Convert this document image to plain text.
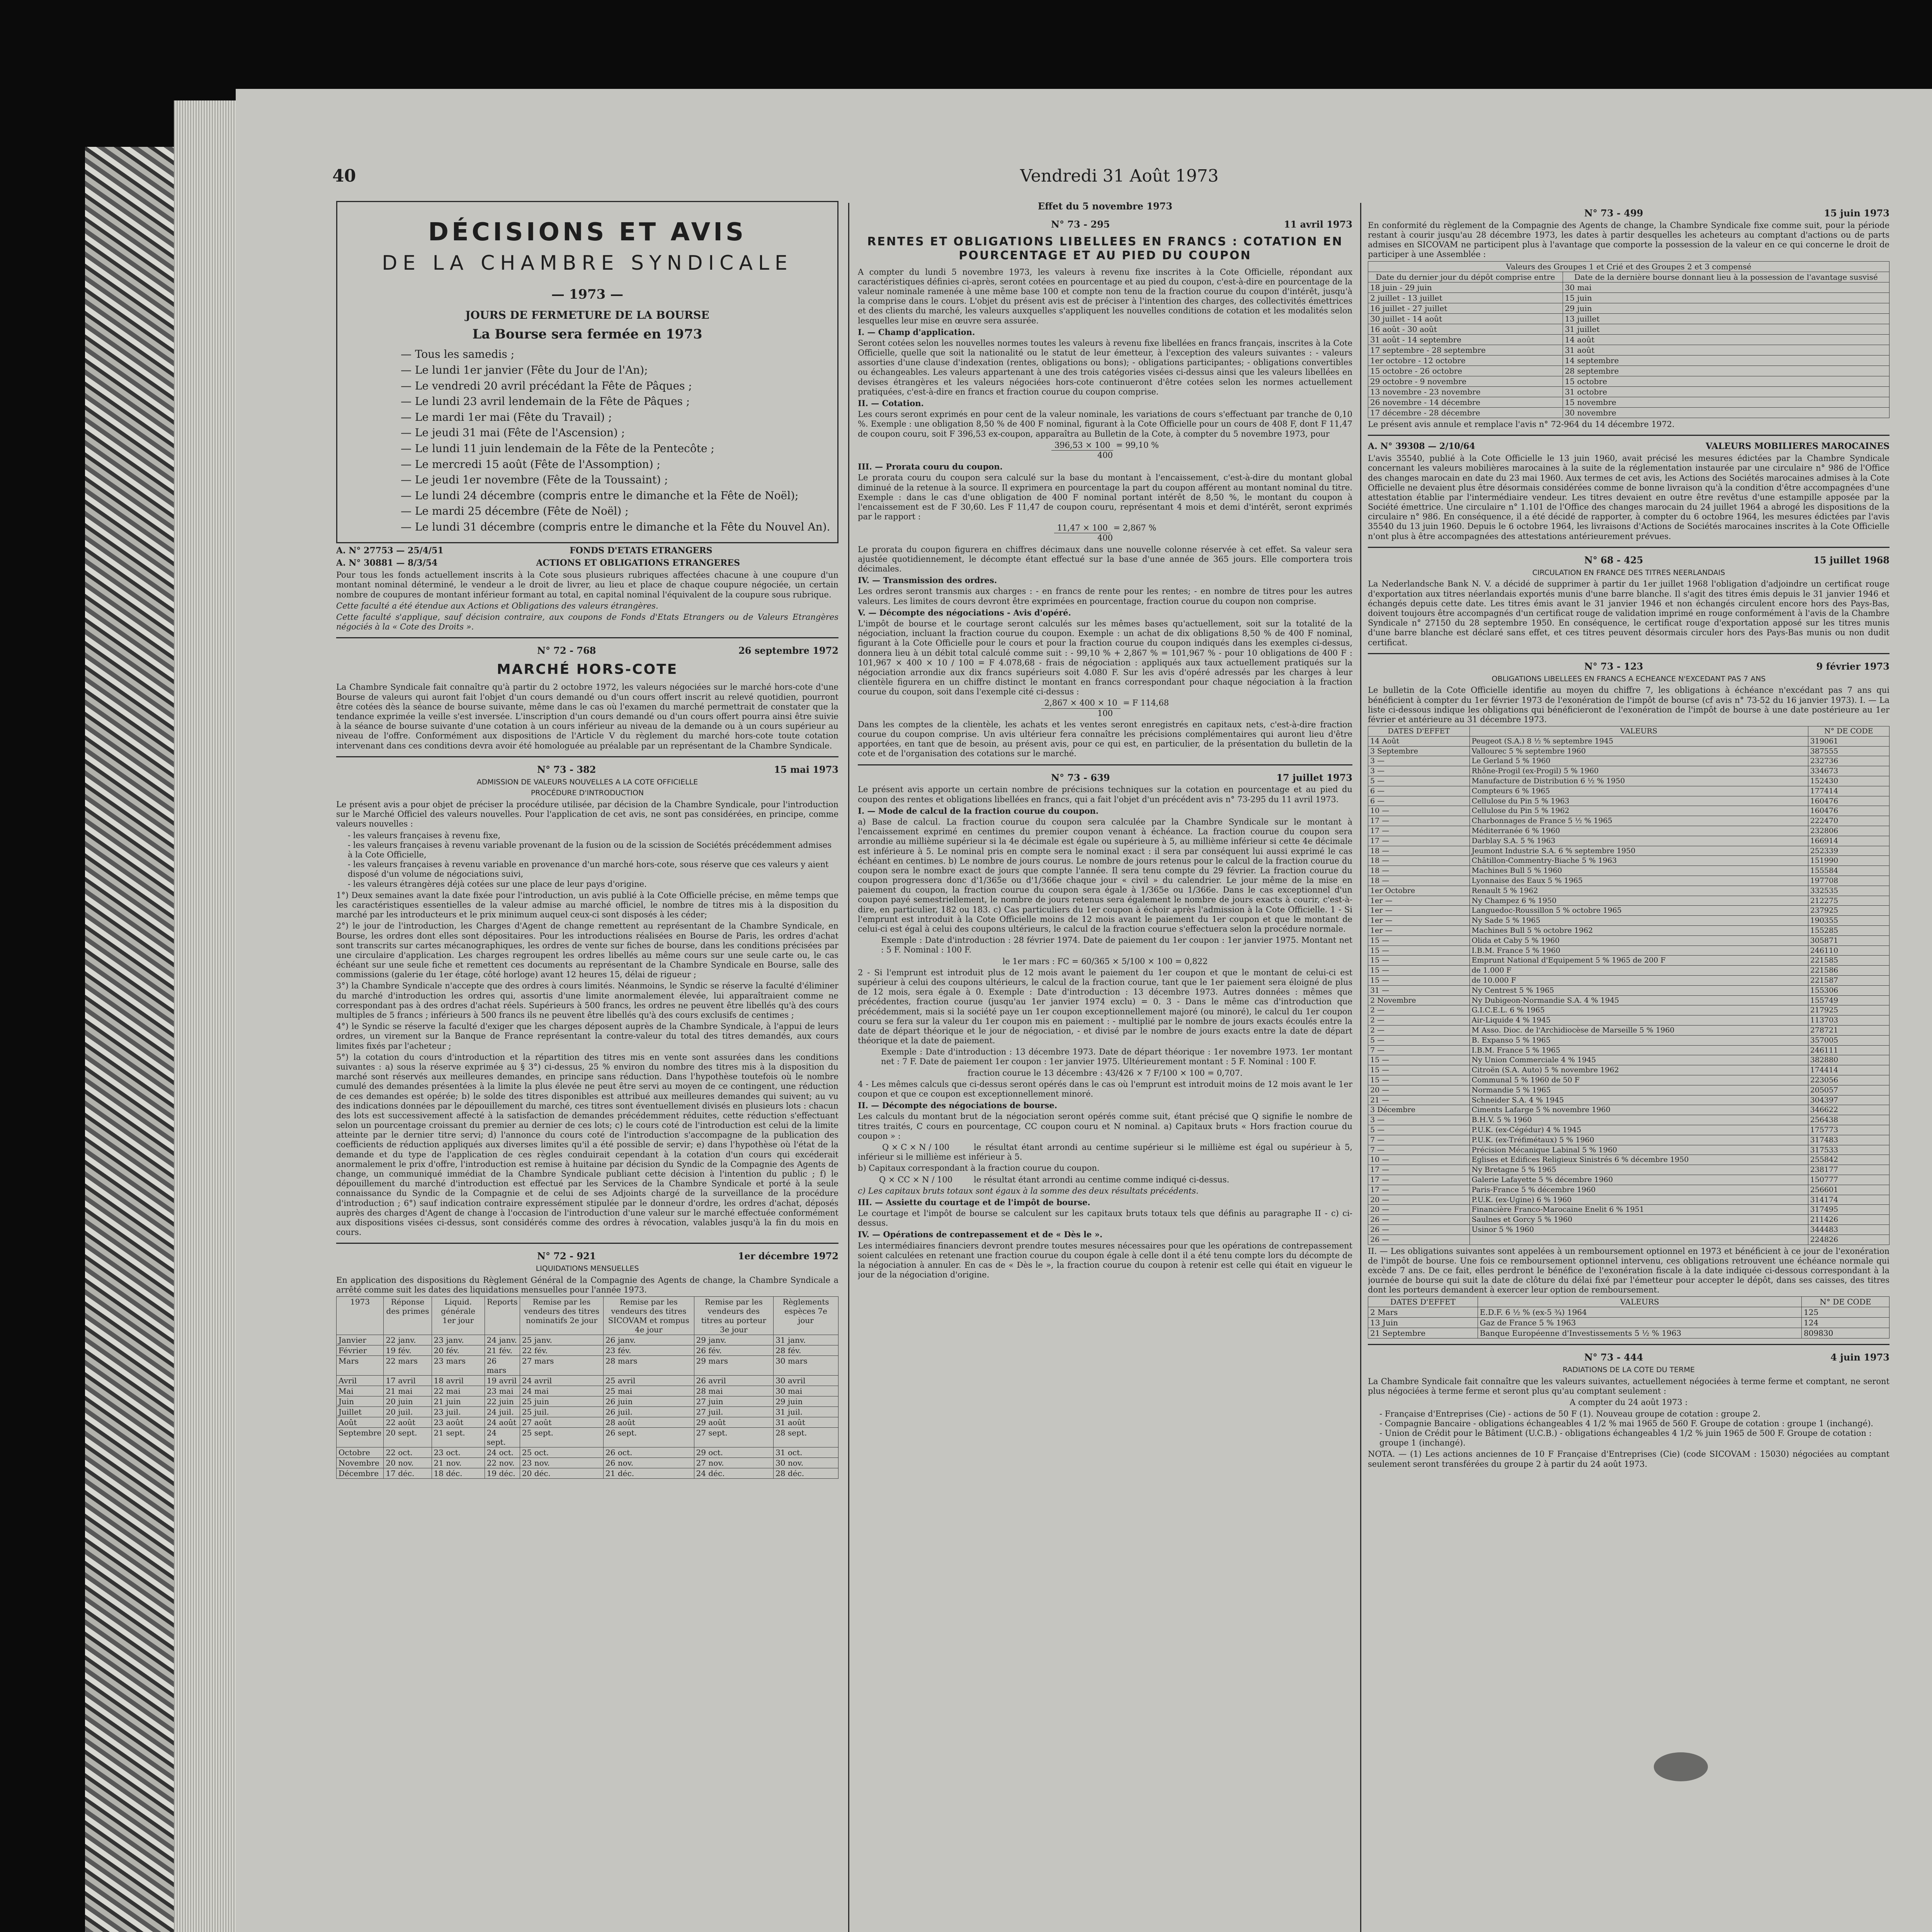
40	Vendredi 31 Août 1973
DÉCISIONS ET AVIS
DE LA CHAMBRE SYNDICALE
— 1973 —
JOURS DE FERMETURE DE LA BOURSE
La Bourse sera fermée en 1973
— Tous les samedis ;
— Le lundi 1er janvier (Fête du Jour de l'An);
— Le vendredi 20 avril précédant la Fête de Pâques ;
— Le lundi 23 avril lendemain de la Fête de Pâques ;
— Le mardi 1er mai (Fête du Travail) ;
— Le jeudi 31 mai (Fête de l'Ascension) ;
— Le lundi 11 juin lendemain de la Fête de la Pentecôte ;
— Le mercredi 15 août (Fête de l'Assomption) ;
— Le jeudi 1er novembre (Fête de la Toussaint) ;
— Le lundi 24 décembre (compris entre le dimanche et la Fête de Noël);
— Le mardi 25 décembre (Fête de Noël) ;
— Le lundi 31 décembre (compris entre le dimanche et la Fête du Nouvel An).
A. N° 27753 — 25/4/51	FONDS D'ETATS ETRANGERS
A. N° 30881 — 8/3/54	ACTIONS ET OBLIGATIONS ETRANGERES

Pour tous les fonds actuellement inscrits à la Cote sous plusieurs rubriques affectées chacune à une coupure d'un montant nominal déterminé, le vendeur a le droit de livrer, au lieu et place de chaque coupure négociée, un certain nombre de coupures de montant inférieur formant au total, en capital nominal l'équivalent de la coupure sous rubrique.

Cette faculté a été étendue aux Actions et Obligations des valeurs étrangères.

Cette faculté s'applique, sauf décision contraire, aux coupons de Fonds d'Etats Etrangers ou de Valeurs Etrangères négociés à la « Cote des Droits ».

N° 72 - 768	26 septembre 1972
MARCHÉ HORS-COTE

La Chambre Syndicale fait connaître qu'à partir du 2 octobre 1972, les valeurs négociées sur le marché hors-cote d'une Bourse de valeurs qui auront fait l'objet d'un cours demandé ou d'un cours offert inscrit au relevé quotidien, pourront être cotées dès la séance de bourse suivante, même dans le cas où l'examen du marché permettrait de constater que la tendance exprimée la veille s'est inversée. L'inscription d'un cours demandé ou d'un cours offert pourra ainsi être suivie à la séance de bourse suivante d'une cotation à un cours inférieur au niveau de la demande ou à un cours supérieur au niveau de l'offre. Conformément aux dispositions de l'Article V du règlement du marché hors-cote toute cotation intervenant dans ces conditions devra avoir été homologuée au préalable par un représentant de la Chambre Syndicale.

N° 73 - 382	15 mai 1973
ADMISSION DE VALEURS NOUVELLES A LA COTE OFFICIELLE
PROCÉDURE D'INTRODUCTION

Le présent avis a pour objet de préciser la procédure utilisée, par décision de la Chambre Syndicale, pour l'introduction sur le Marché Officiel des valeurs nouvelles. Pour l'application de cet avis, ne sont pas considérées, en principe, comme valeurs nouvelles :

- les valeurs françaises à revenu fixe,
- les valeurs françaises à revenu variable provenant de la fusion ou de la scission de Sociétés précédemment admises à la Cote Officielle,
- les valeurs françaises à revenu variable en provenance d'un marché hors-cote, sous réserve que ces valeurs y aient disposé d'un volume de négociations suivi,
- les valeurs étrangères déjà cotées sur une place de leur pays d'origine.

1°) Deux semaines avant la date fixée pour l'introduction, un avis publié à la Cote Officielle précise, en même temps que les caractéristiques essentielles de la valeur admise au marché officiel, le nombre de titres mis à la disposition du marché par les introducteurs et le prix minimum auquel ceux-ci sont disposés à les céder;

2°) le jour de l'introduction, les Charges d'Agent de change remettent au représentant de la Chambre Syndicale, en Bourse, les ordres dont elles sont dépositaires. Pour les introductions réalisées en Bourse de Paris, les ordres d'achat sont transcrits sur cartes mécanographiques, les ordres de vente sur fiches de bourse, dans les conditions précisées par une circulaire d'application. Les charges regroupent les ordres libellés au même cours sur une seule carte ou, le cas échéant sur une seule fiche et remettent ces documents au représentant de la Chambre Syndicale en Bourse, salle des commissions (galerie du 1er étage, côté horloge) avant 12 heures 15, délai de rigueur ;

3°) la Chambre Syndicale n'accepte que des ordres à cours limités. Néanmoins, le Syndic se réserve la faculté d'éliminer du marché d'introduction les ordres qui, assortis d'une limite anormalement élevée, lui apparaîtraient comme ne correspondant pas à des ordres d'achat réels. Supérieurs à 500 francs, les ordres ne peuvent être libellés qu'à des cours multiples de 5 francs ; inférieurs à 500 francs ils ne peuvent être libellés qu'à des cours exclusifs de centimes ;

4°) le Syndic se réserve la faculté d'exiger que les charges déposent auprès de la Chambre Syndicale, à l'appui de leurs ordres, un virement sur la Banque de France représentant la contre-valeur du total des titres demandés, aux cours limites fixés par l'acheteur ;

5°) la cotation du cours d'introduction et la répartition des titres mis en vente sont assurées dans les conditions suivantes : a) sous la réserve exprimée au § 3°) ci-dessus, 25 % environ du nombre des titres mis à la disposition du marché sont réservés aux meilleures demandes, en principe sans réduction. Dans l'hypothèse toutefois où le nombre cumulé des demandes présentées à la limite la plus élevée ne peut être servi au moyen de ce contingent, une réduction de ces demandes est opérée; b) le solde des titres disponibles est attribué aux meilleures demandes qui suivent; au vu des indications données par le dépouillement du marché, ces titres sont éventuellement divisés en plusieurs lots : chacun des lots est successivement affecté à la satisfaction de demandes précédemment réduites, cette réduction s'effectuant selon un pourcentage croissant du premier au dernier de ces lots; c) le cours coté de l'introduction est celui de la limite atteinte par le dernier titre servi; d) l'annonce du cours coté de l'introduction s'accompagne de la publication des coefficients de réduction appliqués aux diverses limites qu'il a été possible de servir; e) dans l'hypothèse où l'état de la demande et du type de l'application de ces règles conduirait cependant à la cotation d'un cours qui excéderait anormalement le prix d'offre, l'introduction est remise à huitaine par décision du Syndic de la Compagnie des Agents de change, un communiqué immédiat de la Chambre Syndicale publiant cette décision à l'intention du public ; f) le dépouillement du marché d'introduction est effectué par les Services de la Chambre Syndicale et porté à la seule connaissance du Syndic de la Compagnie et de celui de ses Adjoints chargé de la surveillance de la procédure d'introduction ; 6°) sauf indication contraire expressément stipulée par le donneur d'ordre, les ordres d'achat, déposés auprès des charges d'Agent de change à l'occasion de l'introduction d'une valeur sur le marché effectuée conformément aux dispositions visées ci-dessus, sont considérés comme des ordres à révocation, valables jusqu'à la fin du mois en cours.

N° 72 - 921	1er décembre 1972
LIQUIDATIONS MENSUELLES

En application des dispositions du Règlement Général de la Compagnie des Agents de change, la Chambre Syndicale a arrêté comme suit les dates des liquidations mensuelles pour l'année 1973.

1973	Réponse des primes	Liquid. générale 1er jour	Reports	Remise par les vendeurs des titres nominatifs 2e jour	Remise par les vendeurs des titres SICOVAM et rompus 4e jour	Remise par les vendeurs des titres au porteur 3e jour	Règlements espèces 7e jour
Janvier	22 janv.	23 janv.	24 janv.	25 janv.	26 janv.	29 janv.	31 janv.
Février	19 fév.	20 fév.	21 fév.	22 fév.	23 fév.	26 fév.	28 fév.
Mars	22 mars	23 mars	26 mars	27 mars	28 mars	29 mars	30 mars
Avril	17 avril	18 avril	19 avril	24 avril	25 avril	26 avril	30 avril
Mai	21 mai	22 mai	23 mai	24 mai	25 mai	28 mai	30 mai
Juin	20 juin	21 juin	22 juin	25 juin	26 juin	27 juin	29 juin
Juillet	20 juil.	23 juil.	24 juil.	25 juil.	26 juil.	27 juil.	31 juil.
Août	22 août	23 août	24 août	27 août	28 août	29 août	31 août
Septembre	20 sept.	21 sept.	24 sept.	25 sept.	26 sept.	27 sept.	28 sept.
Octobre	22 oct.	23 oct.	24 oct.	25 oct.	26 oct.	29 oct.	31 oct.
Novembre	20 nov.	21 nov.	22 nov.	23 nov.	26 nov.	27 nov.	30 nov.
Décembre	17 déc.	18 déc.	19 déc.	20 déc.	21 déc.	24 déc.	28 déc.
Effet du 5 novembre 1973
N° 73 - 295	11 avril 1973
RENTES ET OBLIGATIONS LIBELLEES EN FRANCS : COTATION EN POURCENTAGE ET AU PIED DU COUPON

A compter du lundi 5 novembre 1973, les valeurs à revenu fixe inscrites à la Cote Officielle, répondant aux caractéristiques définies ci-après, seront cotées en pourcentage et au pied du coupon, c'est-à-dire en pourcentage de la valeur nominale ramenée à une même base 100 et compte non tenu de la fraction courue du coupon d'intérêt, jusqu'à la comprise dans le cours. L'objet du présent avis est de préciser à l'intention des charges, des collectivités émettrices et des clients du marché, les valeurs auxquelles s'appliquent les nouvelles conditions de cotation et les modalités selon lesquelles leur mise en œuvre sera assurée.

I. — Champ d'application.

Seront cotées selon les nouvelles normes toutes les valeurs à revenu fixe libellées en francs français, inscrites à la Cote Officielle, quelle que soit la nationalité ou le statut de leur émetteur, à l'exception des valeurs suivantes : - valeurs assorties d'une clause d'indexation (rentes, obligations ou bons); - obligations participantes; - obligations convertibles ou échangeables. Les valeurs appartenant à une des trois catégories visées ci-dessus ainsi que les valeurs libellées en devises étrangères et les valeurs négociées hors-cote continueront d'être cotées selon les normes actuellement pratiquées, c'est-à-dire en francs et fraction courue du coupon comprise.

II. — Cotation.

Les cours seront exprimés en pour cent de la valeur nominale, les variations de cours s'effectuant par tranche de 0,10 %. Exemple : une obligation 8,50 % de 400 F nominal, figurant à la Cote Officielle pour un cours de 408 F, dont F 11,47 de coupon couru, soit F 396,53 ex-coupon, apparaîtra au Bulletin de la Cote, à compter du 5 novembre 1973, pour

396,53 × 100 = 99,10 %
400

III. — Prorata couru du coupon.

Le prorata couru du coupon sera calculé sur la base du montant à l'encaissement, c'est-à-dire du montant global diminué de la retenue à la source. Il exprimera en pourcentage la part du coupon afférent au montant nominal du titre. Exemple : dans le cas d'une obligation de 400 F nominal portant intérêt de 8,50 %, le montant du coupon à l'encaissement est de F 30,60. Les F 11,47 de coupon couru, représentant 4 mois et demi d'intérêt, seront exprimés par le rapport :

11,47 × 100 = 2,867 %
400

Le prorata du coupon figurera en chiffres décimaux dans une nouvelle colonne réservée à cet effet. Sa valeur sera ajustée quotidiennement, le décompte étant effectué sur la base d'une année de 365 jours. Elle comportera trois décimales.

IV. — Transmission des ordres.

Les ordres seront transmis aux charges : - en francs de rente pour les rentes; - en nombre de titres pour les autres valeurs. Les limites de cours devront être exprimées en pourcentage, fraction courue du coupon non comprise.

V. — Décompte des négociations - Avis d'opéré.

L'impôt de bourse et le courtage seront calculés sur les mêmes bases qu'actuellement, soit sur la totalité de la négociation, incluant la fraction courue du coupon. Exemple : un achat de dix obligations 8,50 % de 400 F nominal, figurant à la Cote Officielle pour le cours et pour la fraction courue du coupon indiqués dans les exemples ci-dessus, donnera lieu à un débit total calculé comme suit : - 99,10 % + 2,867 % = 101,967 % - pour 10 obligations de 400 F : 101,967 × 400 × 10 / 100 = F 4.078,68 - frais de négociation : appliqués aux taux actuellement pratiqués sur la négociation arrondie aux dix francs supérieurs soit 4.080 F. Sur les avis d'opéré adressés par les charges à leur clientèle figurera en un chiffre distinct le montant en francs correspondant pour chaque négociation à la fraction courue du coupon, soit dans l'exemple cité ci-dessus :

2,867 × 400 × 10 = F 114,68
100

Dans les comptes de la clientèle, les achats et les ventes seront enregistrés en capitaux nets, c'est-à-dire fraction courue du coupon comprise. Un avis ultérieur fera connaître les précisions complémentaires qui auront lieu d'être apportées, en tant que de besoin, au présent avis, pour ce qui est, en particulier, de la présentation du bulletin de la cote et de l'organisation des cotations sur le marché.

N° 73 - 639	17 juillet 1973

Le présent avis apporte un certain nombre de précisions techniques sur la cotation en pourcentage et au pied du coupon des rentes et obligations libellées en francs, qui a fait l'objet d'un précédent avis n° 73-295 du 11 avril 1973.

I. — Mode de calcul de la fraction courue du coupon.

a) Base de calcul. La fraction courue du coupon sera calculée par la Chambre Syndicale sur le montant à l'encaissement exprimé en centimes du premier coupon venant à échéance. La fraction courue du coupon sera arrondie au millième supérieur si la 4e décimale est égale ou supérieure à 5, au millième inférieur si cette 4e décimale est inférieure à 5. Le nominal pris en compte sera le nominal exact : il sera par conséquent lui aussi exprimé le cas échéant en centimes. b) Le nombre de jours courus. Le nombre de jours retenus pour le calcul de la fraction courue du coupon sera le nombre exact de jours que compte l'année. Il sera tenu compte du 29 février. La fraction courue du coupon progressera donc d'1/365e ou d'1/366e chaque jour « civil » du calendrier. Le jour même de la mise en paiement du coupon, la fraction courue du coupon sera égale à 1/365e ou 1/366e. Dans le cas exceptionnel d'un coupon payé semestriellement, le nombre de jours retenus sera également le nombre de jours exacts à courir, c'est-à-dire, en particulier, 182 ou 183. c) Cas particuliers du 1er coupon à échoir après l'admission à la Cote Officielle. 1 - Si l'emprunt est introduit à la Cote Officielle moins de 12 mois avant le paiement du 1er coupon et que le montant de celui-ci est égal à celui des coupons ultérieurs, le calcul de la fraction courue s'effectuera selon la procédure normale.

Exemple : Date d'introduction : 28 février 1974. Date de paiement du 1er coupon : 1er janvier 1975. Montant net : 5 F. Nominal : 100 F.

le 1er mars : FC = 60/365 × 5/100 × 100 = 0,822

2 - Si l'emprunt est introduit plus de 12 mois avant le paiement du 1er coupon et que le montant de celui-ci est supérieur à celui des coupons ultérieurs, le calcul de la fraction courue, tant que le 1er paiement sera éloigné de plus de 12 mois, sera égale à 0. Exemple : Date d'introduction : 13 décembre 1973. Autres données : mêmes que précédentes, fraction courue (jusqu'au 1er janvier 1974 exclu) = 0. 3 - Dans le même cas d'introduction que précédemment, mais si la société paye un 1er coupon exceptionnellement majoré (ou minoré), le calcul du 1er coupon couru se fera sur la valeur du 1er coupon mis en paiement : - multiplié par le nombre de jours exacts écoulés entre la date de départ théorique et le jour de négociation, - et divisé par le nombre de jours exacts entre la date de départ théorique et la date de paiement.

Exemple : Date d'introduction : 13 décembre 1973. Date de départ théorique : 1er novembre 1973. 1er montant net : 7 F. Date de paiement 1er coupon : 1er janvier 1975. Ultérieurement montant : 5 F. Nominal : 100 F.

fraction courue le 13 décembre : 43/426 × 7 F/100 × 100 = 0,707.

4 - Les mêmes calculs que ci-dessus seront opérés dans le cas où l'emprunt est introduit moins de 12 mois avant le 1er coupon et que ce coupon est exceptionnellement minoré.

II. — Décompte des négociations de bourse.

Les calculs du montant brut de la négociation seront opérés comme suit, étant précisé que Q signifie le nombre de titres traités, C cours en pourcentage, CC coupon couru et N nominal. a) Capitaux bruts « Hors fraction courue du coupon » :

Q × C × N / 100	le résultat étant arrondi au centime supérieur si le millième est égal ou supérieur à 5, inférieur si le millième est inférieur à 5.

b) Capitaux correspondant à la fraction courue du coupon.

Q × CC × N / 100	le résultat étant arrondi au centime comme indiqué ci-dessus.

c) Les capitaux bruts totaux sont égaux à la somme des deux résultats précédents.

III. — Assiette du courtage et de l'impôt de bourse.

Le courtage et l'impôt de bourse se calculent sur les capitaux bruts totaux tels que définis au paragraphe II - c) ci-dessus.

IV. — Opérations de contrepassement et de « Dès le ».

Les intermédiaires financiers devront prendre toutes mesures nécessaires pour que les opérations de contrepassement soient calculées en retenant une fraction courue du coupon égale à celle dont il a été tenu compte lors du décompte de la négociation à annuler. En cas de « Dès le », la fraction courue du coupon à retenir est celle qui était en vigueur le jour de la négociation d'origine.

N° 73 - 499	15 juin 1973

En conformité du règlement de la Compagnie des Agents de change, la Chambre Syndicale fixe comme suit, pour la période restant à courir jusqu'au 28 décembre 1973, les dates à partir desquelles les acheteurs au comptant d'actions ou de parts admises en SICOVAM ne participent plus à l'avantage que comporte la possession de la valeur en ce qui concerne le droit de participer à une Assemblée :

Valeurs des Groupes 1 et Crié et des Groupes 2 et 3 compensé	
Date du dernier jour du dépôt comprise entre	Date de la dernière bourse donnant lieu à la possession de l'avantage susvisé
18 juin - 29 juin	30 mai
2 juillet - 13 juillet	15 juin
16 juillet - 27 juillet	29 juin
30 juillet - 14 août	13 juillet
16 août - 30 août	31 juillet
31 août - 14 septembre	14 août
17 septembre - 28 septembre	31 août
1er octobre - 12 octobre	14 septembre
15 octobre - 26 octobre	28 septembre
29 octobre - 9 novembre	15 octobre
13 novembre - 23 novembre	31 octobre
26 novembre - 14 décembre	15 novembre
17 décembre - 28 décembre	30 novembre

Le présent avis annule et remplace l'avis n° 72-964 du 14 décembre 1972.

A. N° 39308 — 2/10/64	VALEURS MOBILIERES MAROCAINES

L'avis 35540, publié à la Cote Officielle le 13 juin 1960, avait précisé les mesures édictées par la Chambre Syndicale concernant les valeurs mobilières marocaines à la suite de la réglementation instaurée par une circulaire n° 986 de l'Office des changes marocain en date du 23 mai 1960. Aux termes de cet avis, les Actions des Sociétés marocaines admises à la Cote Officielle ne devaient plus être désormais considérées comme de bonne livraison qu'à la condition d'être accompagnées d'une attestation établie par l'intermédiaire vendeur. Les titres devaient en outre être revêtus d'une estampille apposée par la Société émettrice. Une circulaire n° 1.101 de l'Office des changes marocain du 24 juillet 1964 a abrogé les dispositions de la circulaire n° 986. En conséquence, il a été décidé de rapporter, à compter du 6 octobre 1964, les mesures édictées par l'avis 35540 du 13 juin 1960. Depuis le 6 octobre 1964, les livraisons d'Actions de Sociétés marocaines inscrites à la Cote Officielle n'ont plus à être accompagnées des attestations antérieurement prévues.

N° 68 - 425	15 juillet 1968
CIRCULATION EN FRANCE DES TITRES NEERLANDAIS

La Nederlandsche Bank N. V. a décidé de supprimer à partir du 1er juillet 1968 l'obligation d'adjoindre un certificat rouge d'exportation aux titres néerlandais exportés munis d'une barre blanche. Il s'agit des titres émis depuis le 31 janvier 1946 et échangés depuis cette date. Les titres émis avant le 31 janvier 1946 et non échangés circulent encore hors des Pays-Bas, doivent toujours être accompagnés d'un certificat rouge de validation imprimé en rouge conformément à l'avis de la Chambre Syndicale n° 27150 du 28 septembre 1950. En conséquence, le certificat rouge d'exportation apposé sur les titres munis d'une barre blanche est déclaré sans effet, et ces titres peuvent désormais circuler hors des Pays-Bas munis ou non dudit certificat.

N° 73 - 123	9 février 1973
OBLIGATIONS LIBELLEES EN FRANCS A ECHEANCE N'EXCEDANT PAS 7 ANS

Le bulletin de la Cote Officielle identifie au moyen du chiffre 7, les obligations à échéance n'excédant pas 7 ans qui bénéficient à compter du 1er février 1973 de l'exonération de l'impôt de bourse (cf avis n° 73-52 du 16 janvier 1973). I. — La liste ci-dessous indique les obligations qui bénéficieront de l'exonération de l'impôt de bourse à une date postérieure au 1er février et antérieure au 31 décembre 1973.

DATES D'EFFET	VALEURS	N° DE CODE
14 Août	Peugeot (S.A.) 8 ½ % septembre 1945	319061
3 Septembre	Vallourec 5 % septembre 1960	387555
3 —	Le Gerland 5 % 1960	232736
3 —	Rhône-Progil (ex-Progil) 5 % 1960	334673
5 —	Manufacture de Distribution 6 ½ % 1950	152430
6 —	Compteurs 6 % 1965	177414
6 —	Cellulose du Pin 5 % 1963	160476
10 —	Cellulose du Pin 5 % 1962	160476
17 —	Charbonnages de France 5 ½ % 1965	222470
17 —	Méditerranée 6 % 1960	232806
17 —	Darblay S.A. 5 % 1963	166914
18 —	Jeumont Industrie S.A. 6 % septembre 1950	252339
18 —	Châtillon-Commentry-Biache 5 % 1963	151990
18 —	Machines Bull 5 % 1960	155584
18 —	Lyonnaise des Eaux 5 % 1965	197708
1er Octobre	Renault 5 % 1962	332535
1er —	Ny Champez 6 % 1950	212275
1er —	Languedoc-Roussillon 5 % octobre 1965	237925
1er —	Ny Sade 5 % 1965	190355
1er —	Machines Bull 5 % octobre 1962	155285
15 —	Olida et Caby 5 % 1960	305871
15 —	I.B.M. France 5 % 1960	246110
15 —	Emprunt National d'Equipement 5 % 1965 de 200 F	221585
15 —	de 1.000 F	221586
15 —	de 10.000 F	221587
31 —	Ny Centrest 5 % 1965	155306
2 Novembre	Ny Dubigeon-Normandie S.A. 4 % 1945	155749
2 —	G.I.C.E.L. 6 % 1965	217925
2 —	Air-Liquide 4 % 1945	113703
2 —	M Asso. Dioc. de l'Archidiocèse de Marseille 5 % 1960	278721
5 —	B. Expanso 5 % 1965	357005
7 —	I.B.M. France 5 % 1965	246111
15 —	Ny Union Commerciale 4 % 1945	382880
15 —	Citroën (S.A. Auto) 5 % novembre 1962	174414
15 —	Communal 5 % 1960 de 50 F	223056
20 —	Normandie 5 % 1965	205057
21 —	Schneider S.A. 4 % 1945	304397
3 Décembre	Ciments Lafarge 5 % novembre 1960	346622
3 —	B.H.V. 5 % 1960	256438
5 —	P.U.K. (ex-Cégédur) 4 % 1945	175773
7 —	P.U.K. (ex-Tréfimétaux) 5 % 1960	317483
7 —	Précision Mécanique Labinal 5 % 1960	317533
10 —	Eglises et Edifices Religieux Sinistrés 6 % décembre 1950	255842
17 —	Ny Bretagne 5 % 1965	238177
17 —	Galerie Lafayette 5 % décembre 1960	150777
17 —	Paris-France 5 % décembre 1960	256601
20 —	P.U.K. (ex-Ugine) 6 % 1960	314174
20 —	Financière Franco-Marocaine Enelit 6 % 1951	317495
26 —	Saulnes et Gorcy 5 % 1960	211426
26 —	Usinor 5 % 1960	344483
26 —		224826

II. — Les obligations suivantes sont appelées à un remboursement optionnel en 1973 et bénéficient à ce jour de l'exonération de l'impôt de bourse. Une fois ce remboursement optionnel intervenu, ces obligations retrouvent une échéance normale qui excède 7 ans. De ce fait, elles perdront le bénéfice de l'exonération fiscale à la date indiquée ci-dessous correspondant à la journée de bourse qui suit la date de clôture du délai fixé par l'émetteur pour accepter le dépôt, dans ses caisses, des titres dont les porteurs demandent à exercer leur option de remboursement.

DATES D'EFFET	VALEURS	N° DE CODE
2 Mars	E.D.F. 6 ½ % (ex-5 ¾) 1964	125
13 Juin	Gaz de France 5 % 1963	124
21 Septembre	Banque Européenne d'Investissements 5 ½ % 1963	809830
N° 73 - 444	4 juin 1973
RADIATIONS DE LA COTE DU TERME

La Chambre Syndicale fait connaître que les valeurs suivantes, actuellement négociées à terme ferme et comptant, ne seront plus négociées à terme ferme et seront plus qu'au comptant seulement :

A compter du 24 août 1973 :

- Française d'Entreprises (Cie) - actions de 50 F (1). Nouveau groupe de cotation : groupe 2.
- Compagnie Bancaire - obligations échangeables 4 1/2 % mai 1965 de 560 F. Groupe de cotation : groupe 1 (inchangé).
- Union de Crédit pour le Bâtiment (U.C.B.) - obligations échangeables 4 1/2 % juin 1965 de 500 F. Groupe de cotation : groupe 1 (inchangé).

NOTA. — (1) Les actions anciennes de 10 F Française d'Entreprises (Cie) (code SICOVAM : 15030) négociées au comptant seulement seront transférées du groupe 2 à partir du 24 août 1973.
